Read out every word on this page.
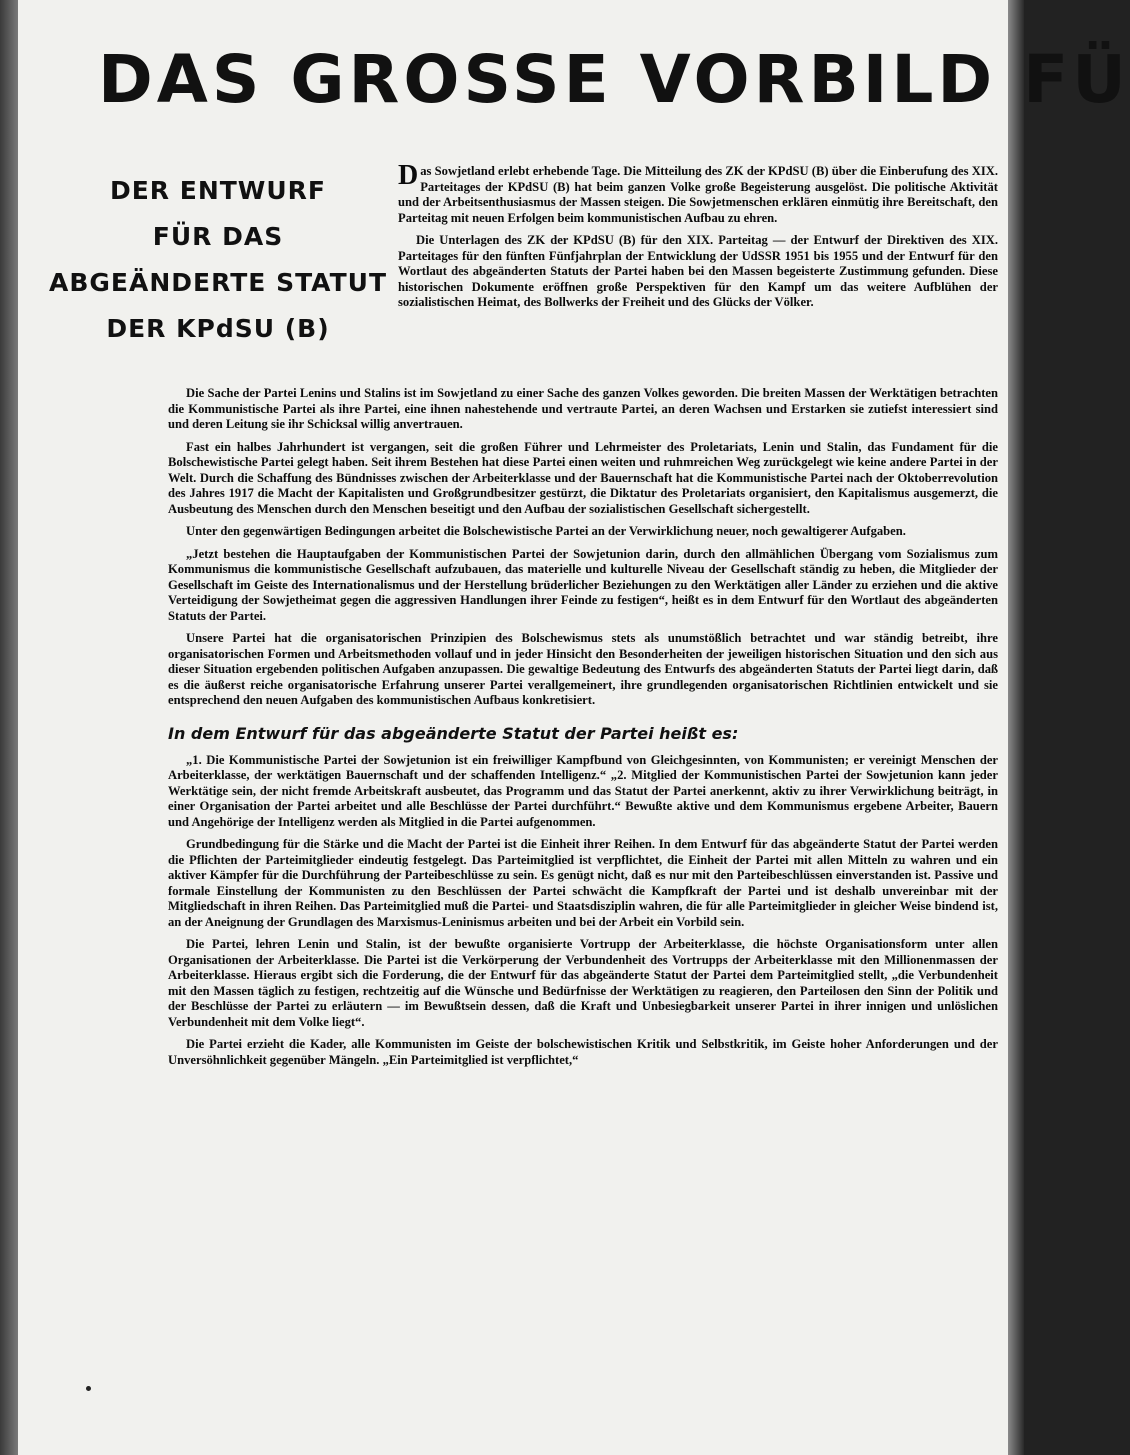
DAS GROSSE VORBILD FÜ
DER ENTWURF
FÜR DAS
ABGEÄNDERTE STATUT
DER KPdSU (B)

Das Sowjetland erlebt erhebende Tage. Die Mitteilung des ZK der KPdSU (B) über die Einberufung des XIX. Parteitages der KPdSU (B) hat beim ganzen Volke große Begeisterung ausgelöst. Die politische Aktivität und der Arbeitsenthusiasmus der Massen steigen. Die Sowjetmenschen erklären einmütig ihre Bereitschaft, den Parteitag mit neuen Erfolgen beim kommunistischen Aufbau zu ehren.

Die Unterlagen des ZK der KPdSU (B) für den XIX. Parteitag — der Entwurf der Direktiven des XIX. Parteitages für den fünften Fünfjahrplan der Entwicklung der UdSSR 1951 bis 1955 und der Entwurf für den Wortlaut des abgeänderten Statuts der Partei haben bei den Massen begeisterte Zustimmung gefunden. Diese historischen Dokumente eröffnen große Perspektiven für den Kampf um das weitere Aufblühen der sozialistischen Heimat, des Bollwerks der Freiheit und des Glücks der Völker.

Die Sache der Partei Lenins und Stalins ist im Sowjetland zu einer Sache des ganzen Volkes geworden. Die breiten Massen der Werktätigen betrachten die Kommunistische Partei als ihre Partei, eine ihnen nahestehende und vertraute Partei, an deren Wachsen und Erstarken sie zutiefst interessiert sind und deren Leitung sie ihr Schicksal willig anvertrauen.

Fast ein halbes Jahrhundert ist vergangen, seit die großen Führer und Lehrmeister des Proletariats, Lenin und Stalin, das Fundament für die Bolschewistische Partei gelegt haben. Seit ihrem Bestehen hat diese Partei einen weiten und ruhmreichen Weg zurückgelegt wie keine andere Partei in der Welt. Durch die Schaffung des Bündnisses zwischen der Arbeiterklasse und der Bauernschaft hat die Kommunistische Partei nach der Oktoberrevolution des Jahres 1917 die Macht der Kapitalisten und Großgrundbesitzer gestürzt, die Diktatur des Proletariats organisiert, den Kapitalismus ausgemerzt, die Ausbeutung des Menschen durch den Menschen beseitigt und den Aufbau der sozialistischen Gesellschaft sichergestellt.

Unter den gegenwärtigen Bedingungen arbeitet die Bolschewistische Partei an der Verwirklichung neuer, noch gewaltigerer Aufgaben.

„Jetzt bestehen die Hauptaufgaben der Kommunistischen Partei der Sowjetunion darin, durch den allmählichen Übergang vom Sozialismus zum Kommunismus die kommunistische Gesellschaft aufzubauen, das materielle und kulturelle Niveau der Gesellschaft ständig zu heben, die Mitglieder der Gesellschaft im Geiste des Internationalismus und der Herstellung brüderlicher Beziehungen zu den Werktätigen aller Länder zu erziehen und die aktive Verteidigung der Sowjetheimat gegen die aggressiven Handlungen ihrer Feinde zu festigen“, heißt es in dem Entwurf für den Wortlaut des abgeänderten Statuts der Partei.

Unsere Partei hat die organisatorischen Prinzipien des Bolschewismus stets als unumstößlich betrachtet und war ständig betreibt, ihre organisatorischen Formen und Arbeitsmethoden vollauf und in jeder Hinsicht den Besonderheiten der jeweiligen historischen Situation und den sich aus dieser Situation ergebenden politischen Aufgaben anzupassen. Die gewaltige Bedeutung des Entwurfs des abgeänderten Statuts der Partei liegt darin, daß es die äußerst reiche organisatorische Erfahrung unserer Partei verallgemeinert, ihre grundlegenden organisatorischen Richtlinien entwickelt und sie entsprechend den neuen Aufgaben des kommunistischen Aufbaus konkretisiert.

In dem Entwurf für das abgeänderte Statut der Partei heißt es:

„1. Die Kommunistische Partei der Sowjetunion ist ein freiwilliger Kampfbund von Gleichgesinnten, von Kommunisten; er vereinigt Menschen der Arbeiterklasse, der werktätigen Bauernschaft und der schaffenden Intelligenz.“ „2. Mitglied der Kommunistischen Partei der Sowjetunion kann jeder Werktätige sein, der nicht fremde Arbeitskraft ausbeutet, das Programm und das Statut der Partei anerkennt, aktiv zu ihrer Verwirklichung beiträgt, in einer Organisation der Partei arbeitet und alle Beschlüsse der Partei durchführt.“ Bewußte aktive und dem Kommunismus ergebene Arbeiter, Bauern und Angehörige der Intelligenz werden als Mitglied in die Partei aufgenommen.

Grundbedingung für die Stärke und die Macht der Partei ist die Einheit ihrer Reihen. In dem Entwurf für das abgeänderte Statut der Partei werden die Pflichten der Parteimitglieder eindeutig festgelegt. Das Parteimitglied ist verpflichtet, die Einheit der Partei mit allen Mitteln zu wahren und ein aktiver Kämpfer für die Durchführung der Parteibeschlüsse zu sein. Es genügt nicht, daß es nur mit den Parteibeschlüssen einverstanden ist. Passive und formale Einstellung der Kommunisten zu den Beschlüssen der Partei schwächt die Kampfkraft der Partei und ist deshalb unvereinbar mit der Mitgliedschaft in ihren Reihen. Das Parteimitglied muß die Partei- und Staatsdisziplin wahren, die für alle Parteimitglieder in gleicher Weise bindend ist, an der Aneignung der Grundlagen des Marxismus-Leninismus arbeiten und bei der Arbeit ein Vorbild sein.

Die Partei, lehren Lenin und Stalin, ist der bewußte organisierte Vortrupp der Arbeiterklasse, die höchste Organisationsform unter allen Organisationen der Arbeiterklasse. Die Partei ist die Verkörperung der Verbundenheit des Vortrupps der Arbeiterklasse mit den Millionenmassen der Arbeiterklasse. Hieraus ergibt sich die Forderung, die der Entwurf für das abgeänderte Statut der Partei dem Parteimitglied stellt, „die Verbundenheit mit den Massen täglich zu festigen, rechtzeitig auf die Wünsche und Bedürfnisse der Werktätigen zu reagieren, den Parteilosen den Sinn der Politik und der Beschlüsse der Partei zu erläutern — im Bewußtsein dessen, daß die Kraft und Unbesiegbarkeit unserer Partei in ihrer innigen und unlöslichen Verbundenheit mit dem Volke liegt“.

Die Partei erzieht die Kader, alle Kommunisten im Geiste der bolschewistischen Kritik und Selbstkritik, im Geiste hoher Anforderungen und der Unversöhnlichkeit gegenüber Mängeln. „Ein Parteimitglied ist verpflichtet,“
